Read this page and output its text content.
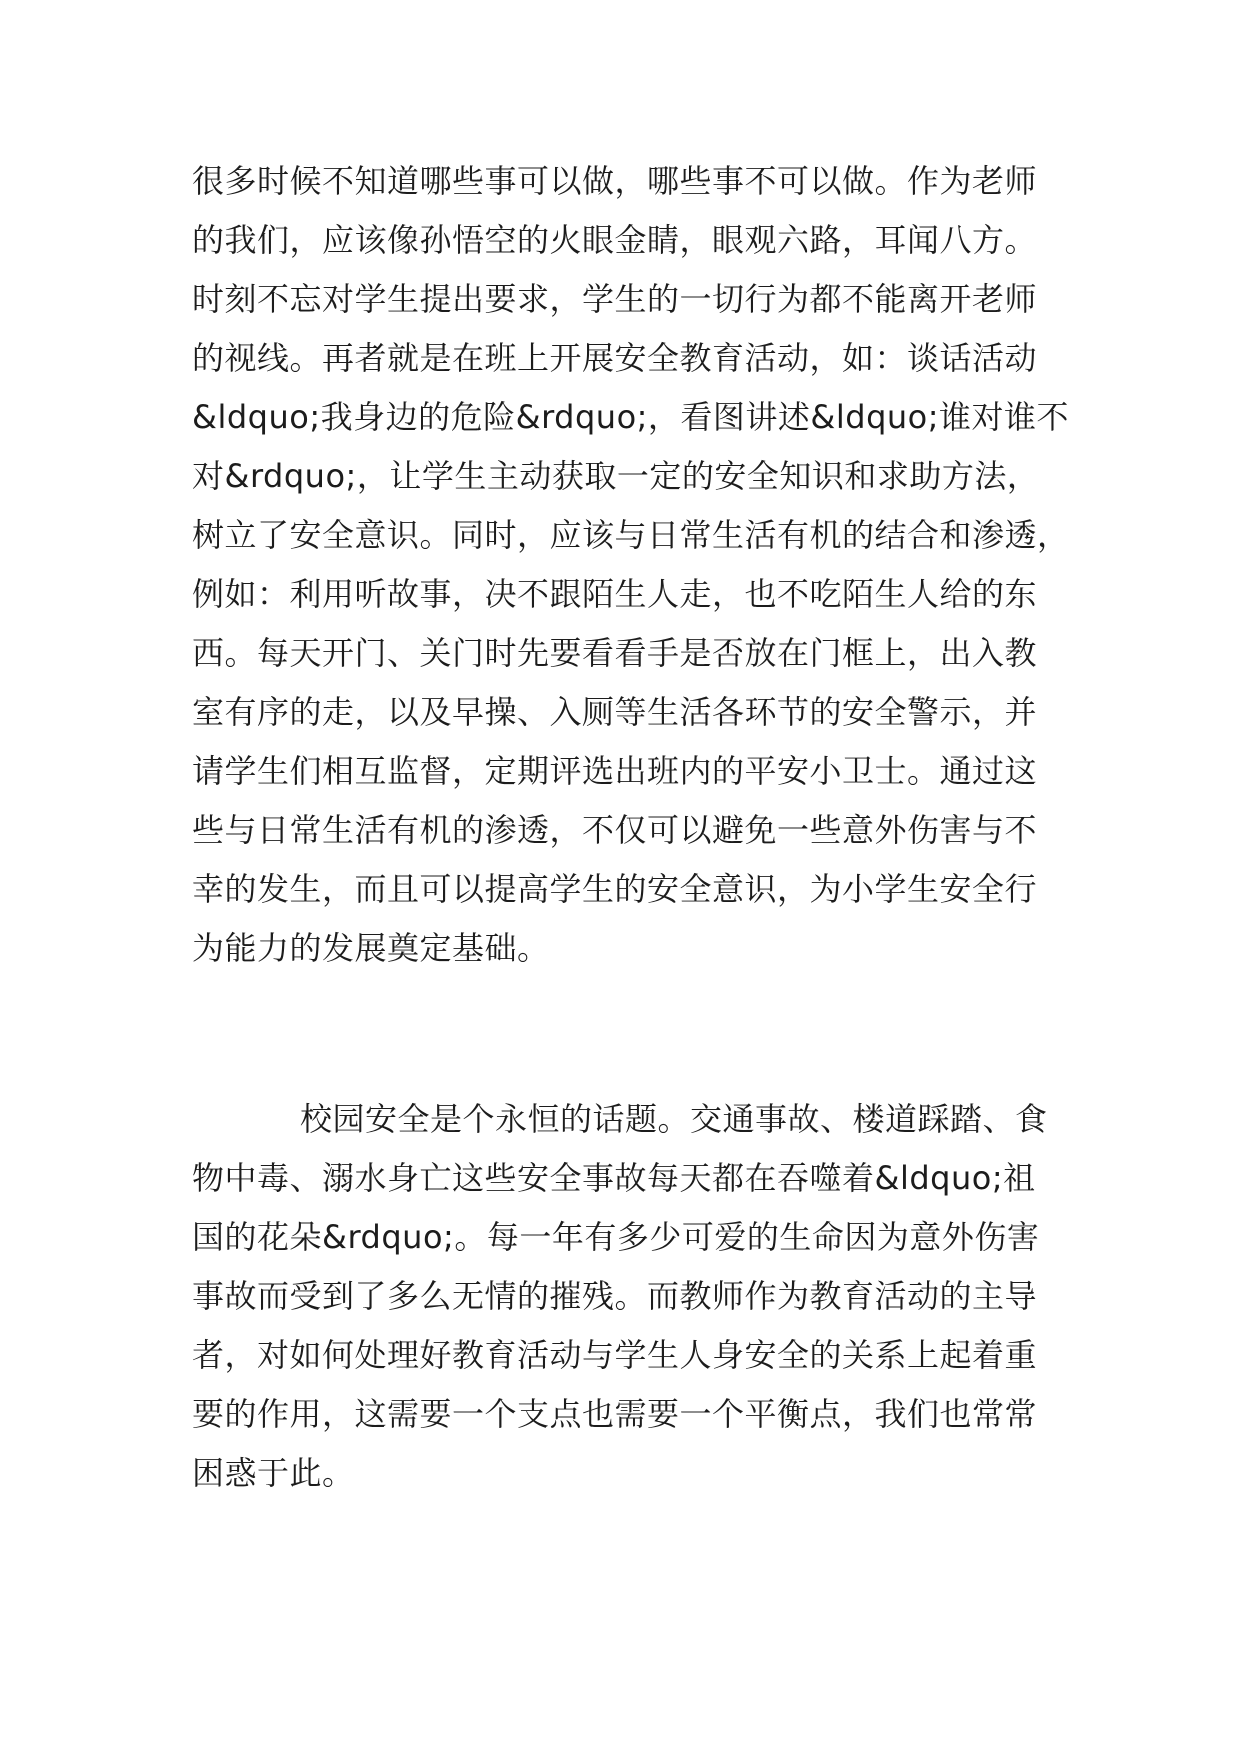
很多时候不知道哪些事可以做，哪些事不可以做。作为老师
的我们，应该像孙悟空的火眼金睛，眼观六路，耳闻八方。
时刻不忘对学生提出要求，学生的一切行为都不能离开老师
的视线。再者就是在班上开展安全教育活动，如：谈话活动
&ldquo;我身边的危险&rdquo;，看图讲述&ldquo;谁对谁不
对&rdquo;，让学生主动获取一定的安全知识和求助方法，
树立了安全意识。同时，应该与日常生活有机的结合和渗透，
例如：利用听故事，决不跟陌生人走，也不吃陌生人给的东
西。每天开门、关门时先要看看手是否放在门框上，出入教
室有序的走，以及早操、入厕等生活各环节的安全警示，并
请学生们相互监督，定期评选出班内的平安小卫士。通过这
些与日常生活有机的渗透，不仅可以避免一些意外伤害与不
幸的发生，而且可以提高学生的安全意识，为小学生安全行
为能力的发展奠定基础。
校园安全是个永恒的话题。交通事故、楼道踩踏、食
物中毒、溺水身亡这些安全事故每天都在吞噬着&ldquo;祖
国的花朵&rdquo;。每一年有多少可爱的生命因为意外伤害
事故而受到了多么无情的摧残。而教师作为教育活动的主导
者，对如何处理好教育活动与学生人身安全的关系上起着重
要的作用，这需要一个支点也需要一个平衡点，我们也常常
困惑于此。
